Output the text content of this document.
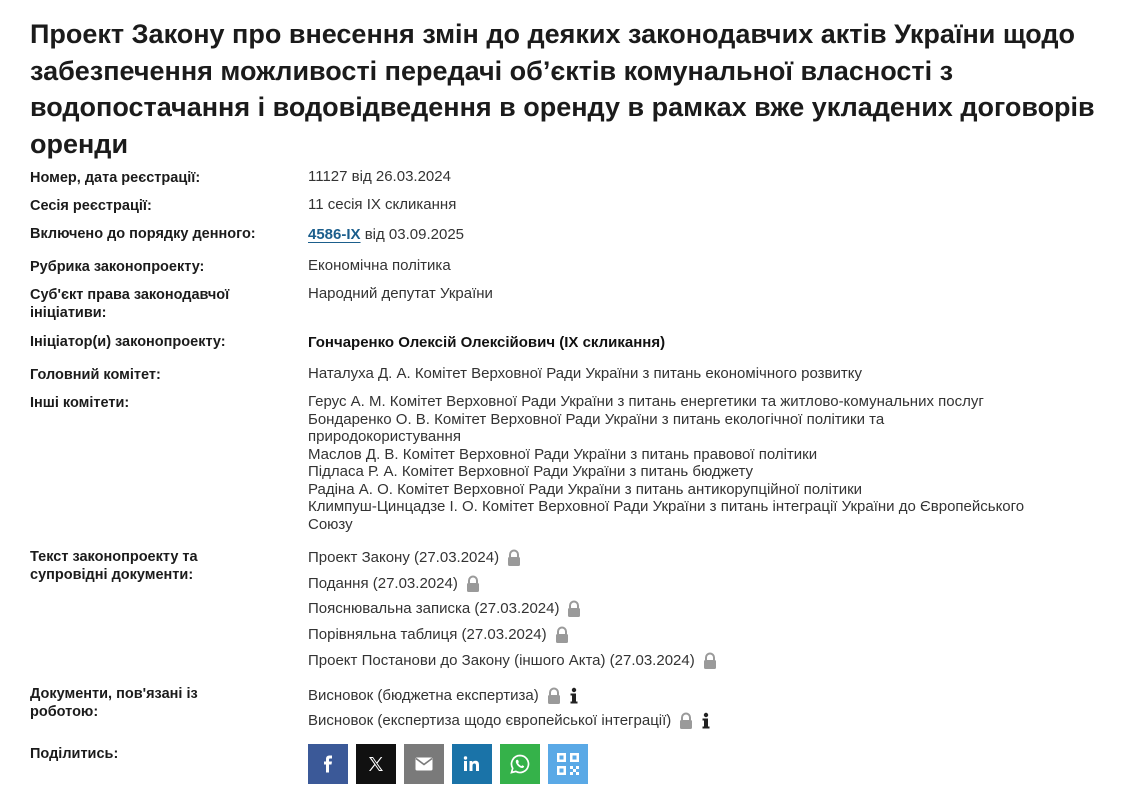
Проект Закону про внесення змін до деяких законодавчих актів України щодо забезпечення можливості передачі об’єктів комунальної власності з водопостачання і водовідведення в оренду в рамках вже укладених договорів оренди
Номер, дата реєстрації:	11127 від 26.03.2024
Сесія реєстрації:	11 сесія IX скликання
Включено до порядку денного:	4586-IX від 03.09.2025
Рубрика законопроекту:	Економічна політика
Суб'єкт права законодавчої ініціативи:
Народний депутат України
Ініціатор(и) законопроекту:	Гончаренко Олексій Олексійович (IX скликання)
Головний комітет:	Наталуха Д. А. Комітет Верховної Ради України з питань економічного розвитку
Інші комітети:	Герус А. М. Комітет Верховної Ради України з питань енергетики та житлово-комунальних послуг
Бондаренко О. В. Комітет Верховної Ради України з питань екологічної політики та
природокористування
Маслов Д. В. Комітет Верховної Ради України з питань правової політики
Підласа Р. А. Комітет Верховної Ради України з питань бюджету
Радіна А. О. Комітет Верховної Ради України з питань антикорупційної політики
Климпуш-Цинцадзе І. О. Комітет Верховної Ради України з питань інтеграції України до Європейського
Союзу
Текст законопроекту та супровідні документи:
Проект Закону (27.03.2024)
Подання (27.03.2024)
Пояснювальна записка (27.03.2024)
Порівняльна таблиця (27.03.2024)
Проект Постанови до Закону (іншого Акта) (27.03.2024)
Документи, пов'язані із роботою:
Висновок (бюджетна експертиза)
Висновок (експертиза щодо європейської інтеграції)
Поділитись:
